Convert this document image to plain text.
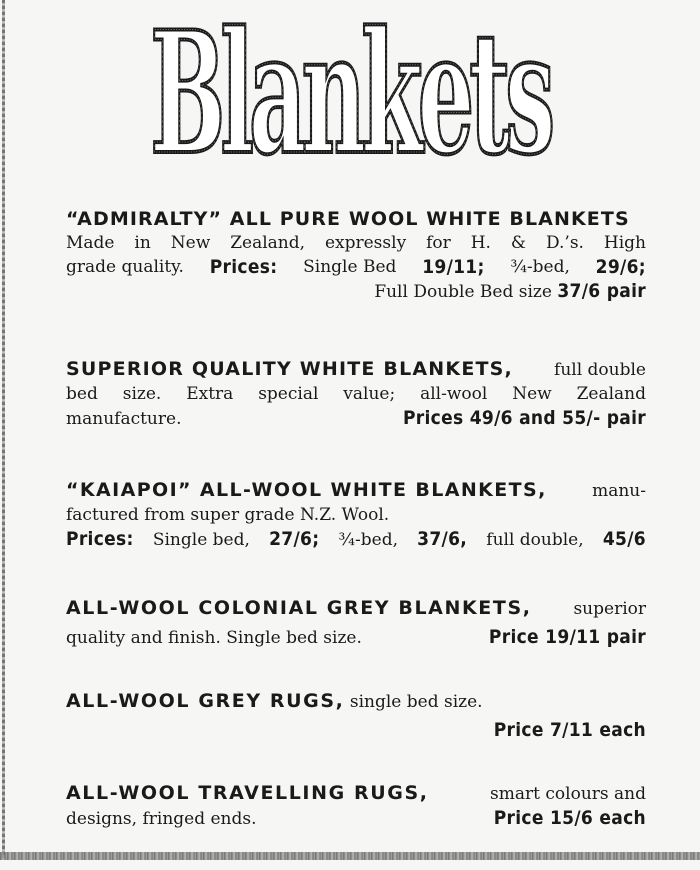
Blankets
Blankets
“ADMIRALTY” ALL PURE WOOL WHITE BLANKETS
Made in New Zealand, expressly for H. & D.’s. High
grade quality. Prices: Single Bed 19/11; ¾-bed, 29/6;
Full Double Bed size 37/6 pair
SUPERIOR QUALITY WHITE BLANKETS, full double
bed size. Extra special value; all-wool New Zealand
manufacture.	Prices 49/6 and 55/- pair
“KAIAPOI” ALL-WOOL WHITE BLANKETS,	manu-
factured from super grade N.Z. Wool.
Prices: Single bed, 27/6; ¾-bed, 37/6, full double, 45/6
ALL-WOOL COLONIAL GREY BLANKETS, superior
quality and finish. Single bed size.	Price 19/11 pair
ALL-WOOL GREY RUGS, single bed size.
Price 7/11 each
ALL-WOOL TRAVELLING RUGS,	smart colours and
designs, fringed ends.	Price 15/6 each
